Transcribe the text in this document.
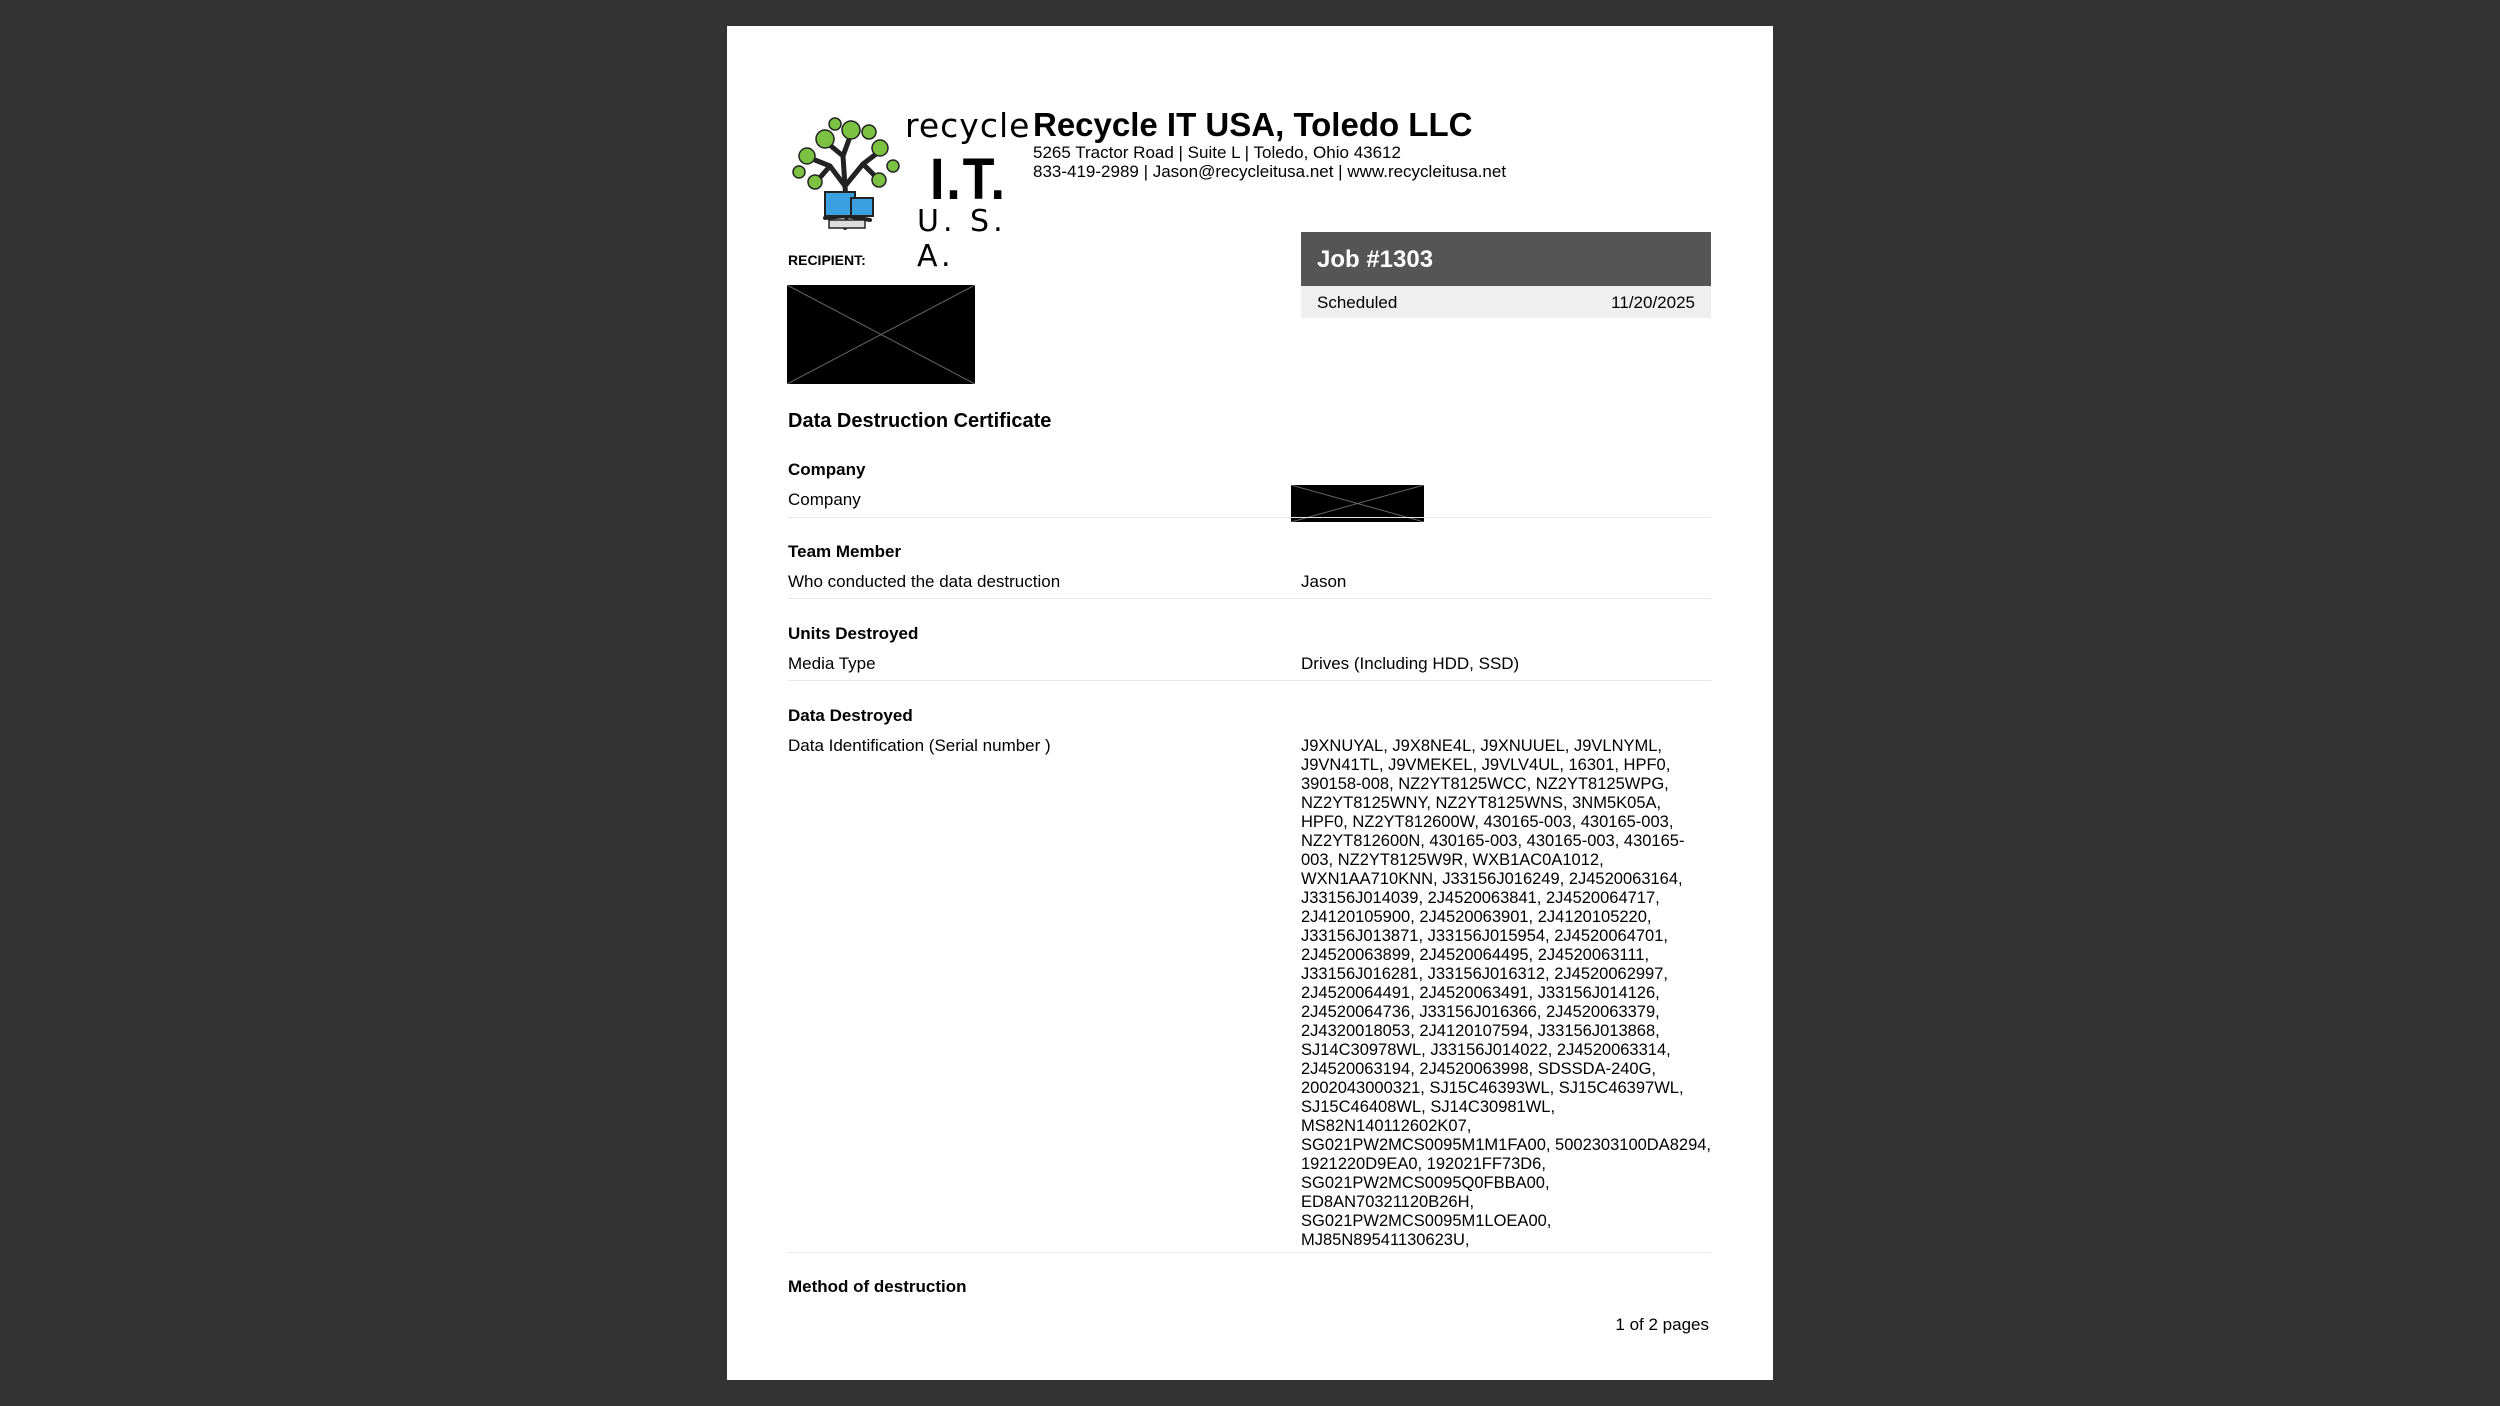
recycle
I.T.
U. S. A.
Recycle IT USA, Toledo LLC
5265 Tractor Road | Suite L | Toledo, Ohio 43612
833-419-2989 | Jason@recycleitusa.net | www.recycleitusa.net
RECIPIENT:	Job #1303
Scheduled	11/20/2025
Data Destruction Certificate
Company
Company
Team Member
Who conducted the data destruction	Jason
Units Destroyed
Media Type	Drives (Including HDD, SSD)
Data Destroyed
Data Identification (Serial number )	J9XNUYAL, J9X8NE4L, J9XNUUEL, J9VLNYML, J9VN41TL, J9VMEKEL, J9VLV4UL, 16301, HPF0, 390158-008, NZ2YT8125WCC, NZ2YT8125WPG, NZ2YT8125WNY, NZ2YT8125WNS, 3NM5K05A, HPF0, NZ2YT812600W, 430165-003, 430165-003, NZ2YT812600N, 430165-003, 430165-003, 430165-003, NZ2YT8125W9R, WXB1AC0A1012, WXN1AA710KNN, J33156J016249, 2J4520063164, J33156J014039, 2J4520063841, 2J4520064717, 2J4120105900, 2J4520063901, 2J4120105220, J33156J013871, J33156J015954, 2J4520064701, 2J4520063899, 2J4520064495, 2J4520063111, J33156J016281, J33156J016312, 2J4520062997, 2J4520064491, 2J4520063491, J33156J014126, 2J4520064736, J33156J016366, 2J4520063379, 2J4320018053, 2J4120107594, J33156J013868, SJ14C30978WL, J33156J014022, 2J4520063314, 2J4520063194, 2J4520063998, SDSSDA-240G, 2002043000321, SJ15C46393WL, SJ15C46397WL, SJ15C46408WL, SJ14C30981WL, MS82N140112602K07, SG021PW2MCS0095M1M1FA00, 5002303100DA8294, 1921220D9EA0, 192021FF73D6, SG021PW2MCS0095Q0FBBA00, ED8AN70321120B26H, SG021PW2MCS0095M1LOEA00, MJ85N89541130623U,
Method of destruction
1 of 2 pages
